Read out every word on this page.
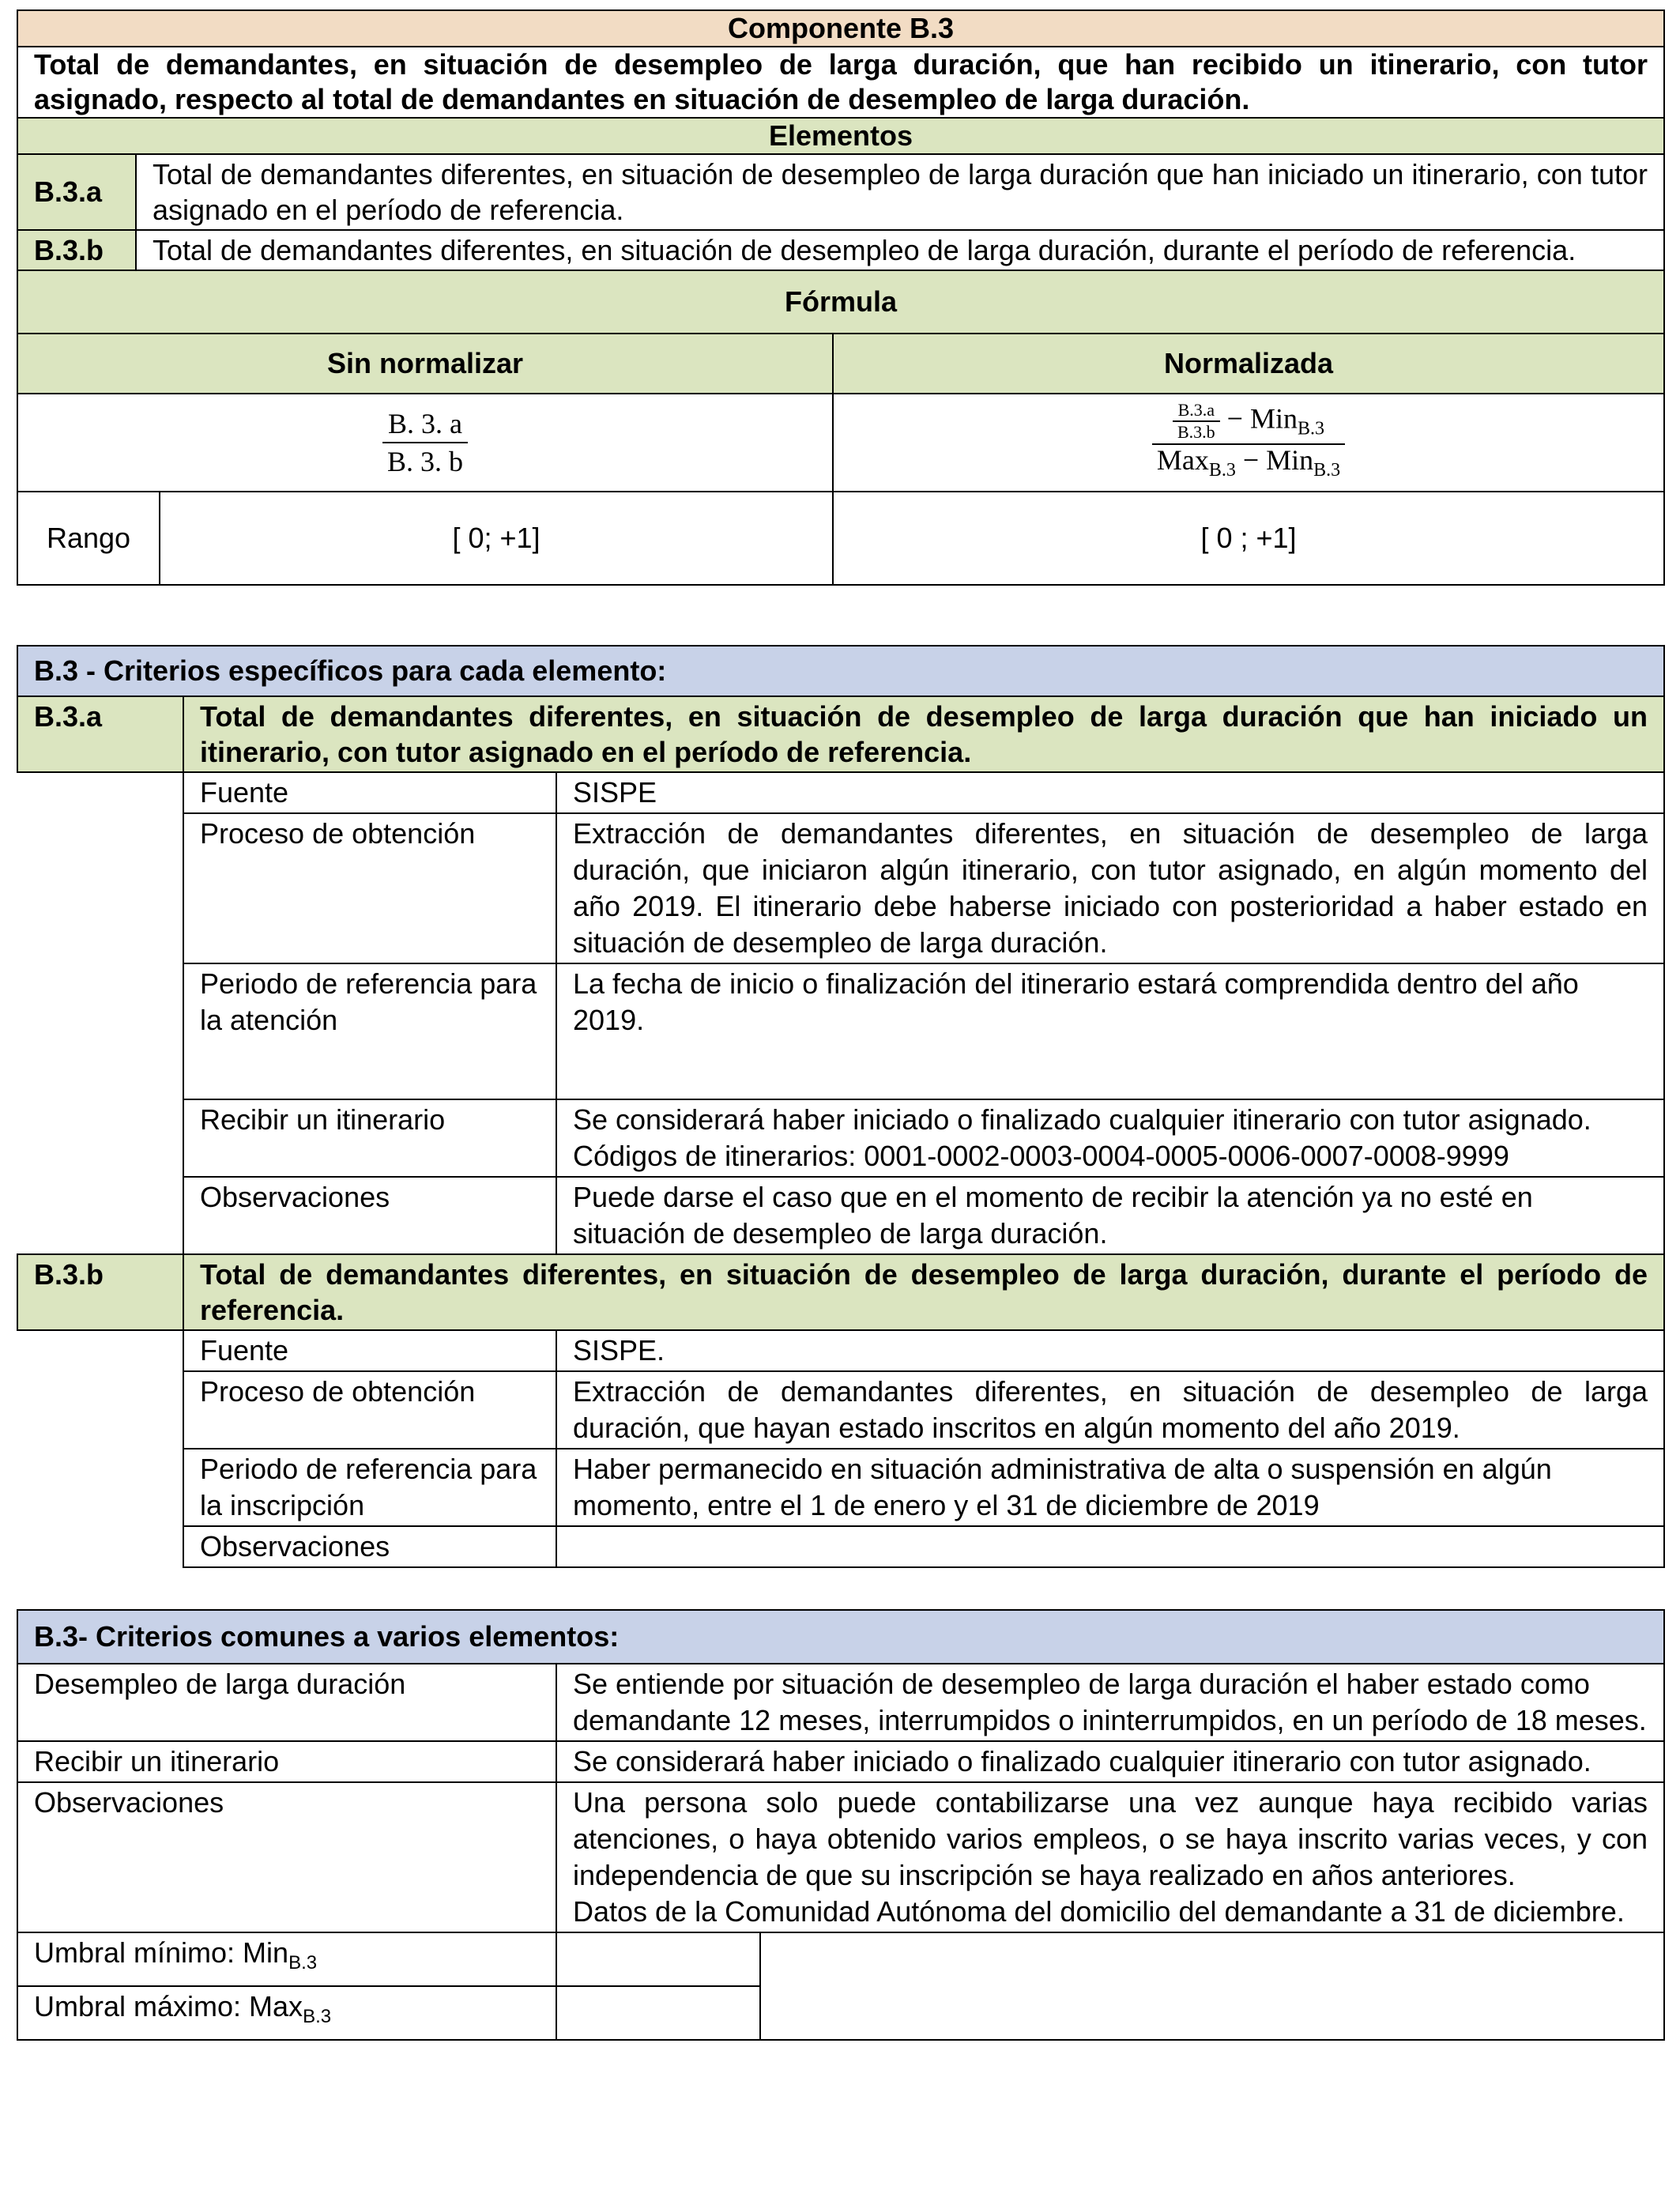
Componente B.3			
Total de demandantes, en situación de desempleo de larga duración, que han recibido un itinerario, con tutor asignado, respecto al total de demandantes en situación de desempleo de larga duración.			
Elementos			
B.3.a	Total de demandantes diferentes, en situación de desempleo de larga duración que han iniciado un itinerario, con tutor asignado en el período de referencia.		
B.3.b	Total de demandantes diferentes, en situación de desempleo de larga duración, durante el período de referencia.		
Fórmula			
Sin normalizar			Normalizada

$\frac{B. 3. a}{B. 3. b}$			$\frac{\frac{B.3.a}{B.3.b} - Min_{B.3}}{Max_{B.3} - Min_{B.3}}$

Rango		[ 0; +1]	[ 0 ; +1]
B.3 - Criterios específicos para cada elemento:		
B.3.a	Total de demandantes diferentes, en situación de desempleo de larga duración que han iniciado un itinerario, con tutor asignado en el período de referencia.	
	Fuente	SISPE
	Proceso de obtención	Extracción de demandantes diferentes, en situación de desempleo de larga duración, que iniciaron algún itinerario, con tutor asignado, en algún momento del año 2019. El itinerario debe haberse iniciado con posterioridad a haber estado en situación de desempleo de larga duración.
	Periodo de referencia para la atención	La fecha de inicio o finalización del itinerario estará comprendida dentro del año 2019.
	Recibir un itinerario	Se considerará haber iniciado o finalizado cualquier itinerario con tutor asignado.
Códigos de itinerarios: 0001-0002-0003-0004-0005-0006-0007-0008-9999

	Observaciones	Puede darse el caso que en el momento de recibir la atención ya no esté en situación de desempleo de larga duración.
B.3.b	Total de demandantes diferentes, en situación de desempleo de larga duración, durante el período de referencia.	
	Fuente	SISPE.
	Proceso de obtención	Extracción de demandantes diferentes, en situación de desempleo de larga duración, que hayan estado inscritos en algún momento del año 2019.
	Periodo de referencia para la inscripción	Haber permanecido en situación administrativa de alta o suspensión en algún momento, entre el 1 de enero y el 31 de diciembre de 2019
	Observaciones	
B.3- Criterios comunes a varios elementos:		
Desempleo de larga duración	Se entiende por situación de desempleo de larga duración el haber estado como demandante 12 meses, interrumpidos o ininterrumpidos, en un período de 18 meses.	
Recibir un itinerario	Se considerará haber iniciado o finalizado cualquier itinerario con tutor asignado.	
Observaciones	Una persona solo puede contabilizarse una vez aunque haya recibido varias atenciones, o haya obtenido varios empleos, o se haya inscrito varias veces, y con independencia de que su inscripción se haya realizado en años anteriores.
Datos de la Comunidad Autónoma del domicilio del demandante a 31 de diciembre.	

Umbral mínimo: Min$_{B.3}$		
Umbral máximo: Max$_{B.3}$	
